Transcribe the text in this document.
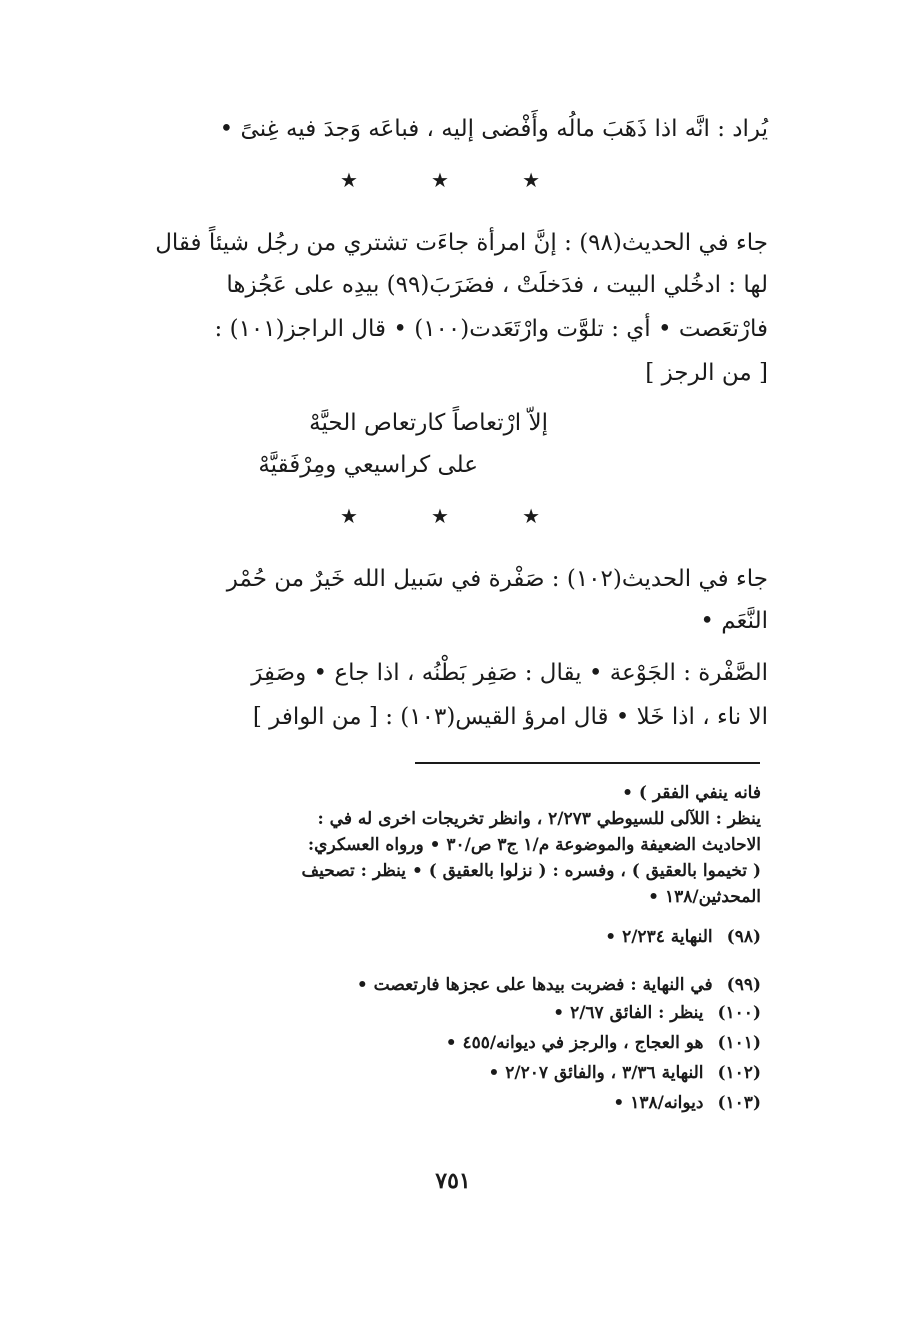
يُراد : انَّه اذا ذَهَبَ مالُه وأَفْضى إليه ، فباعَه وَجدَ فيه غِنىً •
★	★	★
جاء في الحديث(٩٨) : إنَّ امرأة جاءَت تشتري من رجُل شيئاً فقال
لها : ادخُلي البيت ، فدَخلَتْ ، فضَرَبَ(٩٩) بيدِه على عَجُزها
فارْتعَصت • أي : تلوَّت وارْتَعَدت(١٠٠) • قال الراجز(١٠١) :
[ من الرجز ]
إلاّ ارْتعاصاً كارتعاص الحيَّهْ
على كراسيعي ومِرْفَقيَّهْ
★	★	★
جاء في الحديث(١٠٢) : صَفْرة في سَبيل الله خَيرٌ من حُمْر
النَّعَم •
الصَّفْرة : الجَوْعة • يقال : صَفِر بَطْنُه ، اذا جاع • وصَفِرَ
الا ناء ، اذا خَلا • قال امرؤ القيس(١٠٣) : [ من الوافر ]
فانه ينفي الفقر ) •
ينظر : اللآلى للسيوطي ٢/٢٧٣ ، وانظر تخريجات اخرى له في :
الاحاديث الضعيفة والموضوعة م/١ ج٣ ص/٣٠ • ورواه العسكري:
( تخيموا بالعقيق ) ، وفسره : ( نزلوا بالعقيق ) • ينظر : تصحيف
المحدثين/١٣٨ •
(٩٨)النهاية ٢/٢٣٤ •
(٩٩)في النهاية : فضربت بيدها على عجزها فارتعصت •
(١٠٠)ينظر : الفائق ٢/٦٧ •
(١٠١)هو العجاج ، والرجز في ديوانه/٤٥٥ •
(١٠٢)النهاية ٣/٣٦ ، والفائق ٢/٢٠٧ •
(١٠٣)ديوانه/١٣٨ •
٧٥١
